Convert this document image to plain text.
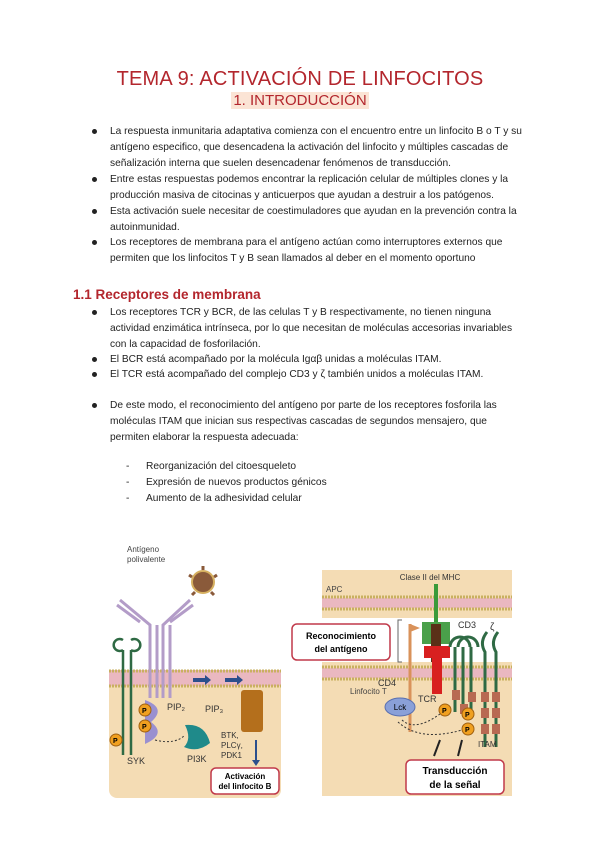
TEMA 9: ACTIVACIÓN DE LINFOCITOS
1. INTRODUCCIÓN
La respuesta inmunitaria adaptativa comienza con el encuentro entre un linfocito B o T y su antígeno especifico, que desencadena la activación del linfocito y múltiples cascadas de señalización interna que suelen desencadenar fenómenos de transducción.
Entre estas respuestas podemos encontrar la replicación celular de múltiples clones y la producción masiva de citocinas y anticuerpos que ayudan a destruir a los patógenos.
Esta activación suele necesitar de coestimuladores que ayudan en la prevención contra la autoinmunidad.
Los receptores de membrana para el antígeno actúan como interruptores externos que permiten que los linfocitos T y B sean llamados al deber en el momento oportuno
1.1 Receptores de membrana
Los receptores TCR y BCR, de las celulas T y B respectivamente, no tienen ninguna actividad enzimática intrínseca, por lo que necesitan de moléculas accesorias invariables con la capacidad de fosforilación.
El BCR está acompañado por la molécula Igαβ unidas a moléculas ITAM.
El TCR está acompañado del complejo CD3 y ζ también unidos a moléculas ITAM.
De este modo, el reconocimiento del antígeno por parte de los receptores fosforila las moléculas ITAM que inician sus respectivas cascadas de segundos mensajero, que permiten elaborar la respuesta adecuada:
- Reorganización del citoesqueleto
- Expresión de nuevos productos génicos
- Aumento de la adhesividad celular
Antígeno
polivalente
P
P
P
SYK	PI3K
PIP₂ PIP₃
BTK,
PLCγ,
PDK1
Activación
del linfocito B
APC
Clase II del MHC
Reconocimiento
del antígeno
CD3 ζ
Linfocito T
CD4
TCR
Lck	P
P
P
ITAM
Transducción
de la señal
